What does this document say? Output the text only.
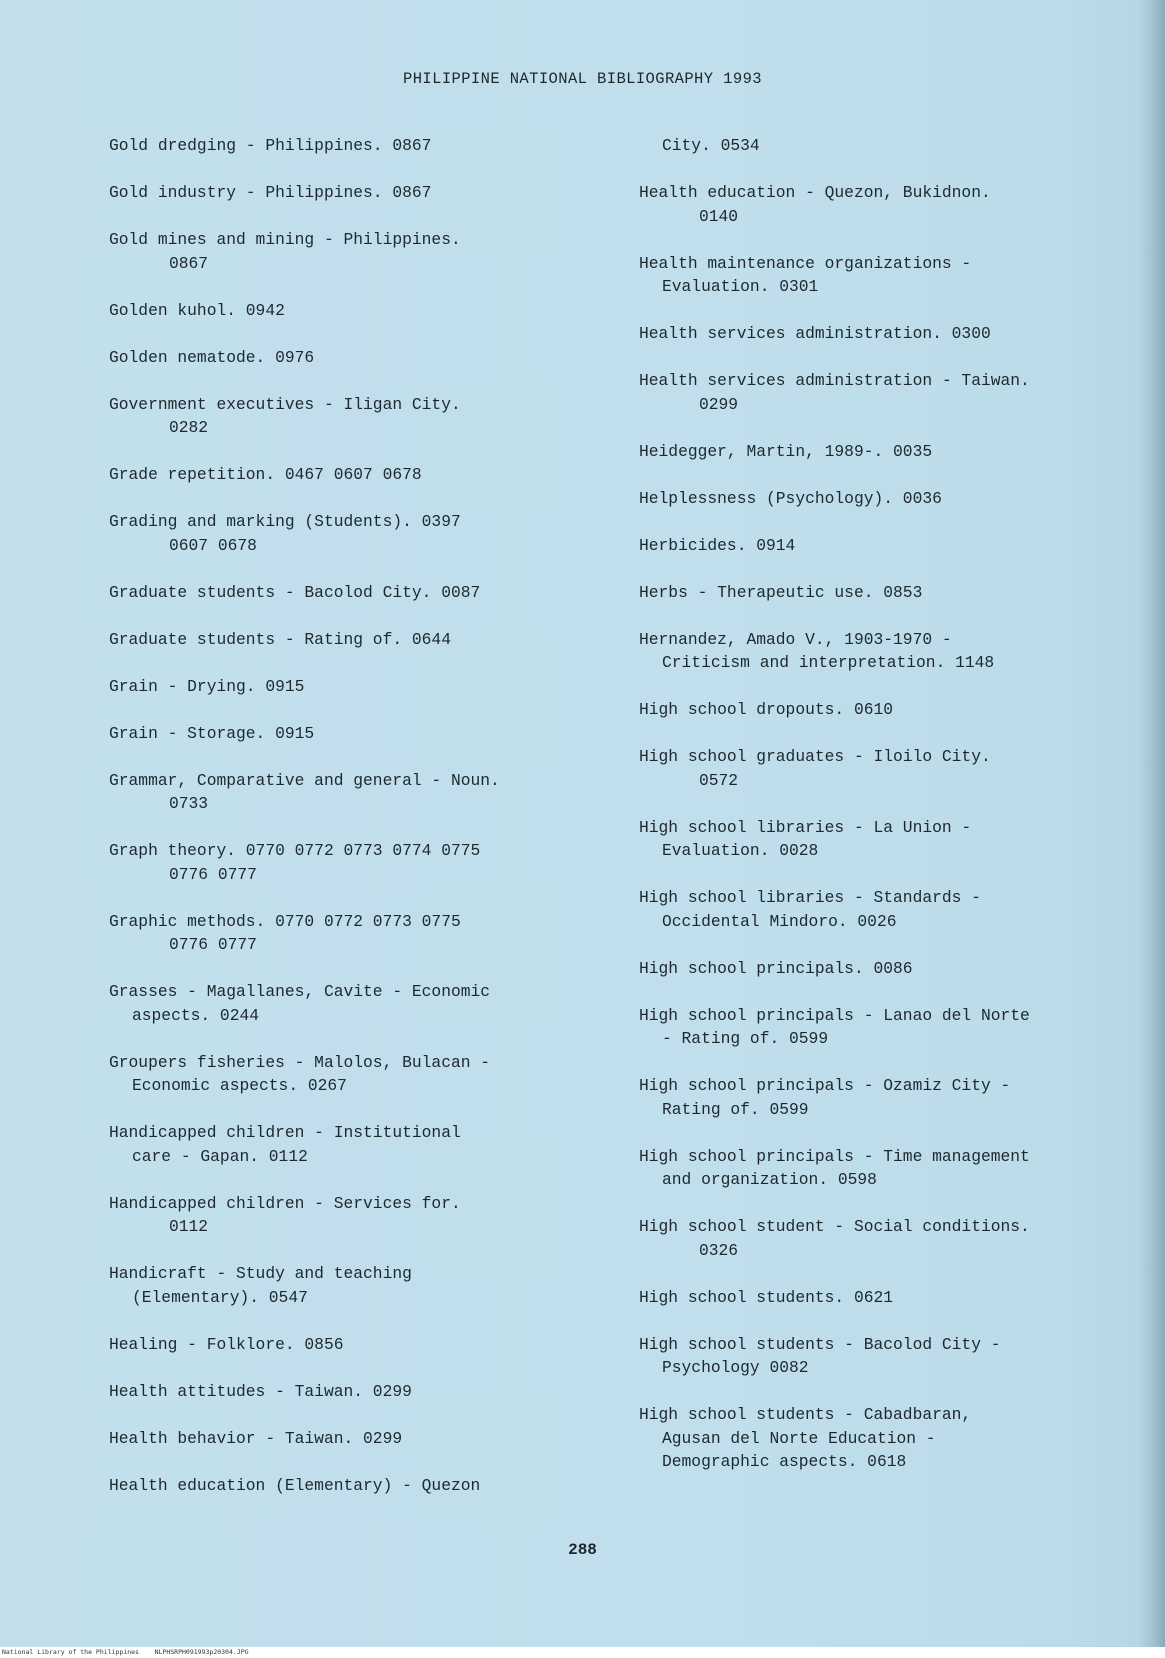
PHILIPPINE NATIONAL BIBLIOGRAPHY 1993
Gold dredging - Philippines. 0867
Gold industry - Philippines. 0867
Gold mines and mining - Philippines.
0867
Golden kuhol. 0942
Golden nematode. 0976
Government executives - Iligan City.
0282
Grade repetition. 0467 0607 0678
Grading and marking (Students). 0397
0607 0678
Graduate students - Bacolod City. 0087
Graduate students - Rating of. 0644
Grain - Drying. 0915
Grain - Storage. 0915
Grammar, Comparative and general - Noun.
0733
Graph theory. 0770 0772 0773 0774 0775
0776 0777
Graphic methods. 0770 0772 0773 0775
0776 0777
Grasses - Magallanes, Cavite - Economic
aspects. 0244
Groupers fisheries - Malolos, Bulacan -
Economic aspects. 0267
Handicapped children - Institutional
care - Gapan. 0112
Handicapped children - Services for.
0112
Handicraft - Study and teaching
(Elementary). 0547
Healing - Folklore. 0856
Health attitudes - Taiwan. 0299
Health behavior - Taiwan. 0299
Health education (Elementary) - Quezon
City. 0534
Health education - Quezon, Bukidnon.
0140
Health maintenance organizations -
Evaluation. 0301
Health services administration. 0300
Health services administration - Taiwan.
0299
Heidegger, Martin, 1989-. 0035
Helplessness (Psychology). 0036
Herbicides. 0914
Herbs - Therapeutic use. 0853
Hernandez, Amado V., 1903-1970 -
Criticism and interpretation. 1148
High school dropouts. 0610
High school graduates - Iloilo City.
0572
High school libraries - La Union -
Evaluation. 0028
High school libraries - Standards -
Occidental Mindoro. 0026
High school principals. 0086
High school principals - Lanao del Norte
- Rating of. 0599
High school principals - Ozamiz City -
Rating of. 0599
High school principals - Time management
and organization. 0598
High school student - Social conditions.
0326
High school students. 0621
High school students - Bacolod City -
Psychology 0082
High school students - Cabadbaran,
Agusan del Norte Education -
Demographic aspects. 0618
288
National Library of the Philippines    NLPHSRPH091993p20304.JPG
